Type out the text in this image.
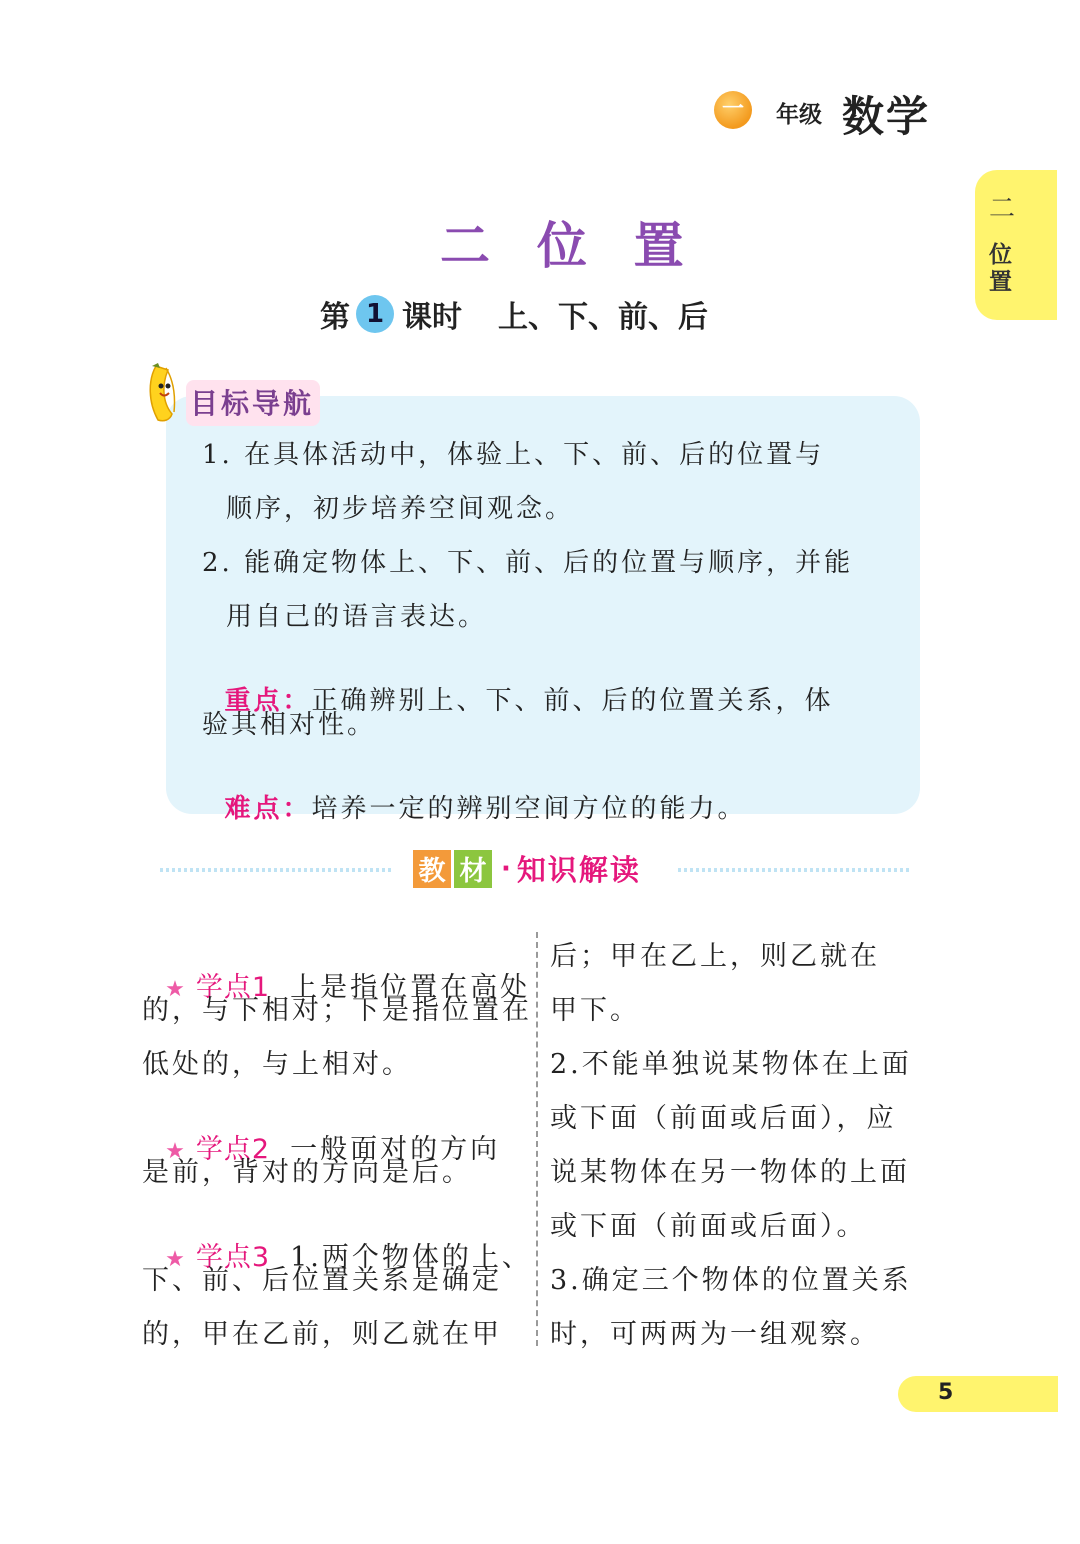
一 年级 数学
二
位置
二  位  置
第 1 课时 上、下、前、后
目标导航
1. 在具体活动中，体验上、下、前、后的位置与
顺序，初步培养空间观念。
2. 能确定物体上、下、前、后的位置与顺序，并能
用自己的语言表达。

重点：正确辨别上、下、前、后的位置关系，体

验其相对性。

难点：培养一定的辨别空间方位的能力。

教 材 · 知识解读

★ 学点1 上是指位置在高处

的，与下相对；下是指位置在
低处的，与上相对。

★ 学点2 一般面对的方向

是前，背对的方向是后。

★ 学点3 1.两个物体的上、

下、前、后位置关系是确定
的，甲在乙前，则乙就在甲
后；甲在乙上，则乙就在
甲下。
2.不能单独说某物体在上面
或下面（前面或后面），应
说某物体在另一物体的上面
或下面（前面或后面）。
3.确定三个物体的位置关系
时，可两两为一组观察。
5
